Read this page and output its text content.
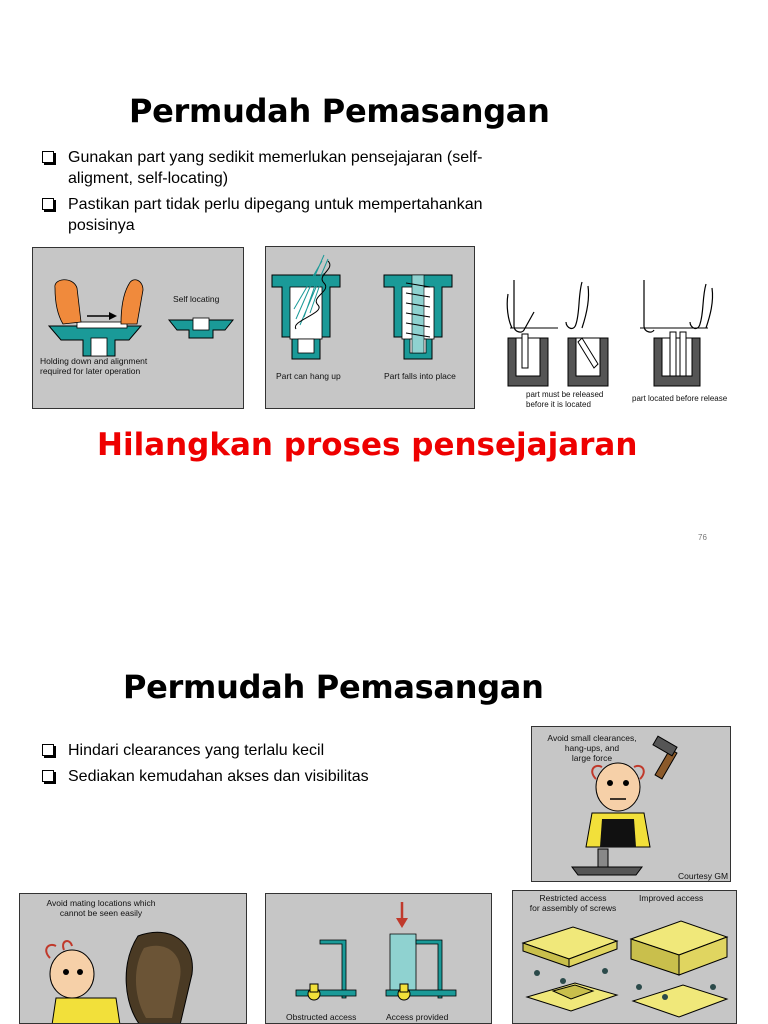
Permudah Pemasangan
Gunakan part yang sedikit memerlukan pensejajaran (self-aligment, self-locating)
Pastikan part tidak perlu dipegang untuk mempertahankan posisinya
Self locating
Holding down and alignment
required for later operation	Part can hang up	Part falls into place
part must be released
before it is located
part located before release
Hilangkan proses pensejajaran
76
Permudah Pemasangan
Hindari clearances yang terlalu kecil
Sediakan kemudahan akses dan visibilitas
Avoid small clearances,
hang-ups, and
large force
Courtesy GM
Avoid mating locations which
cannot be seen easily
Obstructed access	Access provided
Restricted access
for assembly of screws
Improved access
